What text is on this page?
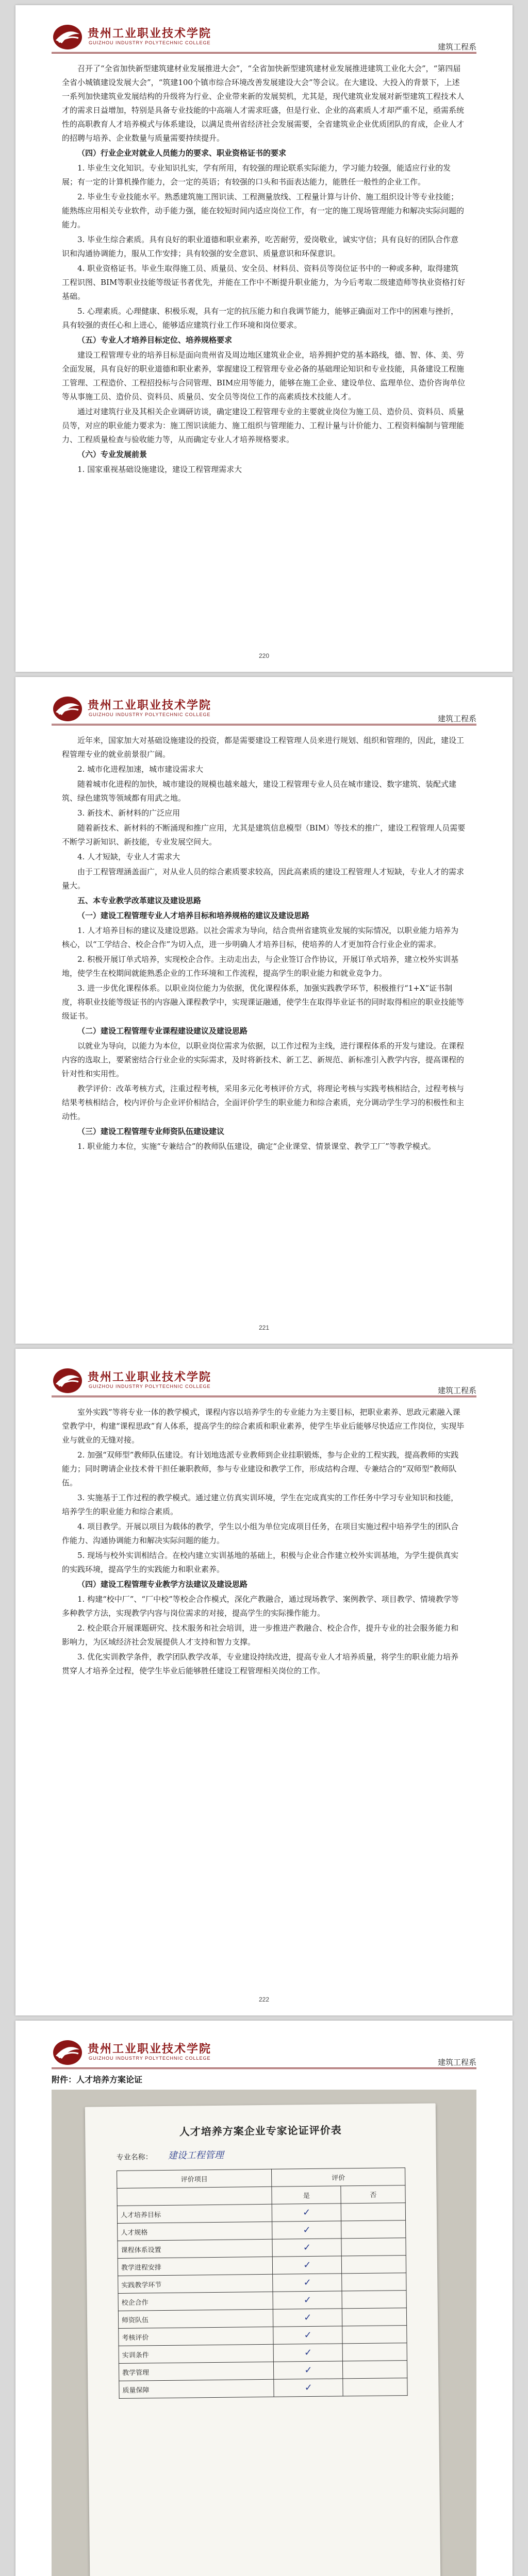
贵州工业职业技术学院
GUIZHOU INDUSTRY POLYTECHNIC COLLEGE	建筑工程系

召开了“全省加快新型建筑建材业发展推进大会”，“全省加快新型建筑建材业发展推进建筑工业化大会”，“第四届全省小城镇建设发展大会”，“筑建100个镇市综合环境改善发展建设大会”等会议。在大建设、大投入的背景下，上述一系列加快建筑业发展结构的升级将为行业、企业带来新的发展契机，尤其是，现代建筑业发展对新型建筑工程技术人才的需求日益增加，特别是具备专业技能的中高端人才需求旺盛，但是行业、企业的高素质人才却严重不足，亟需系统性的高职教育人才培养模式与体系建设，以满足贵州省经济社会发展需要，全省建筑业企业优质团队的育成，企业人才的招聘与培养、企业数量与质量需要持续提升。

（四）行业企业对就业人员能力的要求、职业资格证书的要求

1. 毕业生文化知识。专业知识扎实，学有所用，有较强的理论联系实际能力，学习能力较强，能适应行业的发展；有一定的计算机操作能力，会一定的英语；有较强的口头和书面表达能力，能胜任一般性的企业工作。

2. 毕业生专业技能水平。熟悉建筑施工图识读、工程测量放线、工程量计算与计价、施工组织设计等专业技能；能熟练应用相关专业软件，动手能力强，能在较短时间内适应岗位工作，有一定的施工现场管理能力和解决实际问题的能力。

3. 毕业生综合素质。具有良好的职业道德和职业素养，吃苦耐劳，爱岗敬业，诚实守信；具有良好的团队合作意识和沟通协调能力，服从工作安排；具有较强的安全意识、质量意识和环保意识。

4. 职业资格证书。毕业生取得施工员、质量员、安全员、材料员、资料员等岗位证书中的一种或多种，取得建筑工程识图、BIM等职业技能等级证书者优先，并能在工作中不断提升职业能力，为今后考取二级建造师等执业资格打好基础。

5. 心理素质。心理健康、积极乐观，具有一定的抗压能力和自我调节能力，能够正确面对工作中的困难与挫折，具有较强的责任心和上进心，能够适应建筑行业工作环境和岗位要求。

（五）专业人才培养目标定位、培养规格要求

建设工程管理专业的培养目标是面向贵州省及周边地区建筑业企业，培养拥护党的基本路线，德、智、体、美、劳全面发展，具有良好的职业道德和职业素养，掌握建设工程管理专业必备的基础理论知识和专业技能，具备建设工程施工管理、工程造价、工程招投标与合同管理、BIM应用等能力，能够在施工企业、建设单位、监理单位、造价咨询单位等从事施工员、造价员、资料员、质量员、安全员等岗位工作的高素质技术技能人才。

通过对建筑行业及其相关企业调研访谈，确定建设工程管理专业的主要就业岗位为施工员、造价员、资料员、质量员等，对应的职业能力要求为：施工图识读能力、施工组织与管理能力、工程计量与计价能力、工程资料编制与管理能力、工程质量检查与验收能力等，从而确定专业人才培养规格要求。

（六）专业发展前景

1. 国家重视基础设施建设，建设工程管理需求大

220
贵州工业职业技术学院
GUIZHOU INDUSTRY POLYTECHNIC COLLEGE	建筑工程系

近年来，国家加大对基础设施建设的投资，都是需要建设工程管理人员来进行规划、组织和管理的，因此，建设工程管理专业的就业前景很广阔。

2. 城市化进程加速，城市建设需求大

随着城市化进程的加快，城市建设的规模也越来越大，建设工程管理专业人员在城市建设、数字建筑、装配式建筑、绿色建筑等领域都有用武之地。

3. 新技术、新材料的广泛应用

随着新技术、新材料的不断涌现和推广应用，尤其是建筑信息模型（BIM）等技术的推广，建设工程管理人员需要不断学习新知识、新技能，专业发展空间大。

4. 人才短缺，专业人才需求大

由于工程管理涵盖面广，对从业人员的综合素质要求较高，因此高素质的建设工程管理人才短缺，专业人才的需求量大。

五、本专业教学改革建议及建设思路

（一）建设工程管理专业人才培养目标和培养规格的建议及建设思路

1. 人才培养目标的建议及建设思路。以社会需求为导向，结合贵州省建筑业发展的实际情况，以职业能力培养为核心，以“工学结合、校企合作”为切入点，进一步明确人才培养目标，使培养的人才更加符合行业企业的需求。

2. 积极开展订单式培养，实现校企合作。主动走出去，与企业签订合作协议，开展订单式培养，建立校外实训基地，使学生在校期间就能熟悉企业的工作环境和工作流程，提高学生的职业能力和就业竞争力。

3. 进一步优化课程体系。以职业岗位能力为依据，优化课程体系，加强实践教学环节，积极推行“1+X”证书制度，将职业技能等级证书的内容融入课程教学中，实现课证融通，使学生在取得毕业证书的同时取得相应的职业技能等级证书。

（二）建设工程管理专业课程建设建议及建设思路

以就业为导向，以能力为本位，以职业岗位需求为依据，以工作过程为主线，进行课程体系的开发与建设。在课程内容的选取上，要紧密结合行业企业的实际需求，及时将新技术、新工艺、新规范、新标准引入教学内容，提高课程的针对性和实用性。

教学评价：改革考核方式，注重过程考核，采用多元化考核评价方式，将理论考核与实践考核相结合，过程考核与结果考核相结合，校内评价与企业评价相结合，全面评价学生的职业能力和综合素质，充分调动学生学习的积极性和主动性。

（三）建设工程管理专业师资队伍建设建议

1. 职业能力本位，实施“专兼结合”的教师队伍建设，确定“企业课堂、情景课堂、教学工厂”等教学模式。

221
贵州工业职业技术学院
GUIZHOU INDUSTRY POLYTECHNIC COLLEGE	建筑工程系

室外实践”等将专业一体的教学模式，课程内容以培养学生的专业能力为主要目标，把职业素养、思政元素融入课堂教学中，构建“课程思政”育人体系，提高学生的综合素质和职业素养，使学生毕业后能够尽快适应工作岗位，实现毕业与就业的无缝对接。

2. 加强“双师型”教师队伍建设。有计划地选派专业教师到企业挂职锻炼，参与企业的工程实践，提高教师的实践能力；同时聘请企业技术骨干担任兼职教师，参与专业建设和教学工作，形成结构合理、专兼结合的“双师型”教师队伍。

3. 实施基于工作过程的教学模式。通过建立仿真实训环境，学生在完成真实的工作任务中学习专业知识和技能，培养学生的职业能力和综合素质。

4. 项目教学。开展以项目为载体的教学，学生以小组为单位完成项目任务，在项目实施过程中培养学生的团队合作能力、沟通协调能力和解决实际问题的能力。

5. 现场与校外实训相结合。在校内建立实训基地的基础上，积极与企业合作建立校外实训基地，为学生提供真实的实践环境，提高学生的实践能力和职业素养。

（四）建设工程管理专业教学方法建议及建设思路

1. 构建“校中厂”、“厂中校”等校企合作模式，深化产教融合，通过现场教学、案例教学、项目教学、情境教学等多种教学方法，实现教学内容与岗位需求的对接，提高学生的实际操作能力。

2. 校企联合开展课题研究、技术服务和社会培训，进一步推进产教融合、校企合作，提升专业的社会服务能力和影响力，为区域经济社会发展提供人才支持和智力支撑。

3. 优化实训教学条件，教学团队教学改革，专业建设持续改进，提高专业人才培养质量，将学生的职业能力培养贯穿人才培养全过程，使学生毕业后能够胜任建设工程管理相关岗位的工作。

222
贵州工业职业技术学院
GUIZHOU INDUSTRY POLYTECHNIC COLLEGE	建筑工程系
附件：人才培养方案论证
人才培养方案企业专家论证评价表
专业名称： 建设工程管理
评价项目	评价	
	是	否
人才培养目标	✓	
人才规格	✓	
课程体系设置	✓	
教学进程安排	✓	
实践教学环节	✓	
校企合作	✓	
师资队伍	✓	
考核评价	✓	
实训条件	✓	
教学管理	✓	
质量保障	✓	
